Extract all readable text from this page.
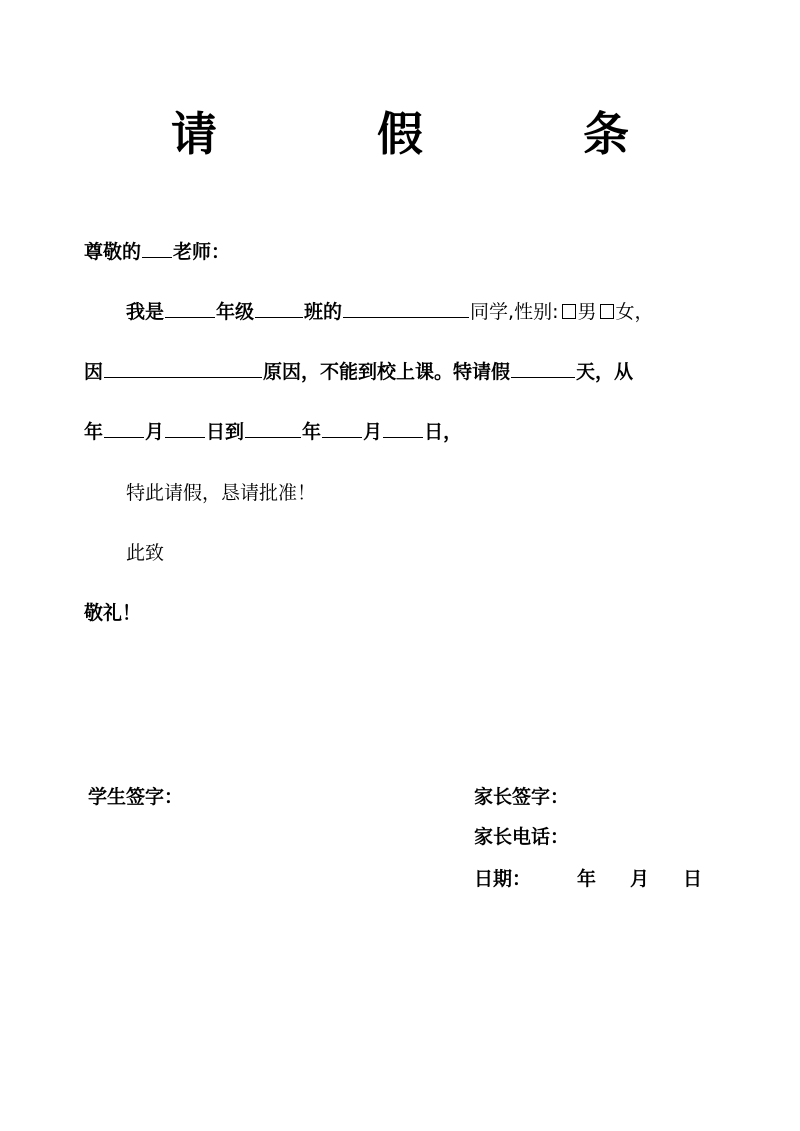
请 假 条
尊敬的 老师：
我是	年级	班的	同学,性别: 男 女，
因	原因，不能到校上课。特请假	天，从
年 月 日到	年 月 日，
特此请假，恳请批准！
此致
敬礼！
学生签字：	家长签字：
家长电话：
日期： 年 月 日
